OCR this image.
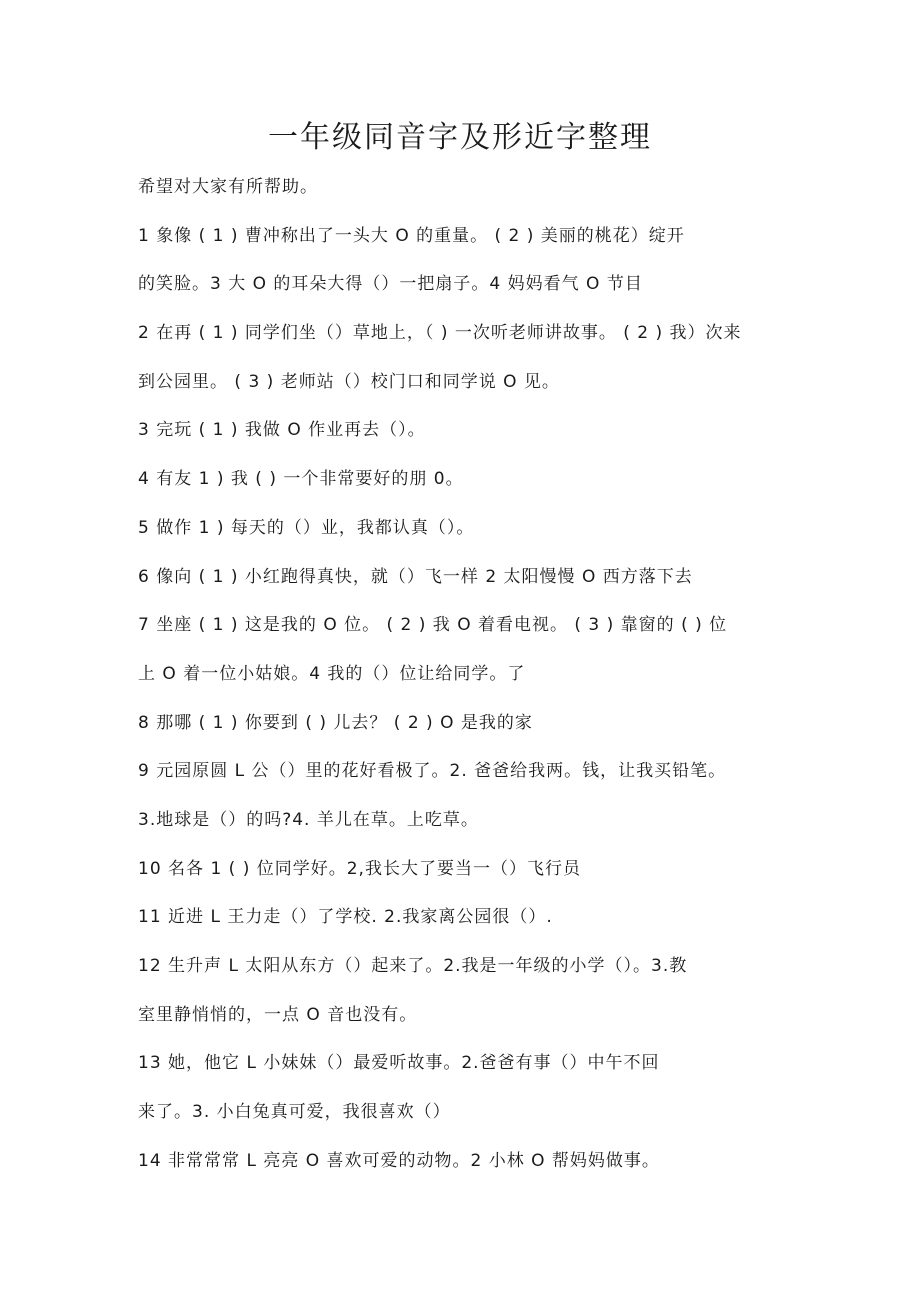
一年级同音字及形近字整理
希望对大家有所帮助。
1 象像 ( 1 ) 曹冲称出了一头大 O 的重量。 ( 2 ) 美丽的桃花）绽开
的笑脸。3 大 O 的耳朵大得（）一把扇子。4 妈妈看气 O 节目
2 在再 ( 1 ) 同学们坐（）草地上，（ ) 一次听老师讲故事。 ( 2 ) 我）次来
到公园里。 ( 3 ) 老师站（）校门口和同学说 O 见。
3 完玩 ( 1 ) 我做 O 作业再去（）。
4 有友 1 ) 我 ( ) 一个非常要好的朋 0。
5 做作 1 ) 每天的（）业，我都认真（）。
6 像向 ( 1 ) 小红跑得真快，就（）飞一样 2 太阳慢慢 O 西方落下去
7 坐座 ( 1 ) 这是我的 O 位。 ( 2 ) 我 O 着看电视。 ( 3 ) 靠窗的 ( ) 位
上 O 着一位小姑娘。4 我的（）位让给同学。了
8 那哪 ( 1 ) 你要到 ( ) 儿去？ ( 2 ) O 是我的家
9 元园原圆 L 公（）里的花好看极了。2. 爸爸给我两。钱，让我买铅笔。
3.地球是（）的吗?4. 羊儿在草。上吃草。
10 名各 1 ( ) 位同学好。2,我长大了要当一（）飞行员
11 近进 L 王力走（）了学校. 2.我家离公园很（）.
12 生升声 L 太阳从东方（）起来了。2.我是一年级的小学（）。3.教
室里静悄悄的，一点 O 音也没有。
13 她，他它 L 小妹妹（）最爱听故事。2.爸爸有事（）中午不回
来了。3. 小白兔真可爱，我很喜欢（）
14 非常常常 L 亮亮 O 喜欢可爱的动物。2 小林 O 帮妈妈做事。
